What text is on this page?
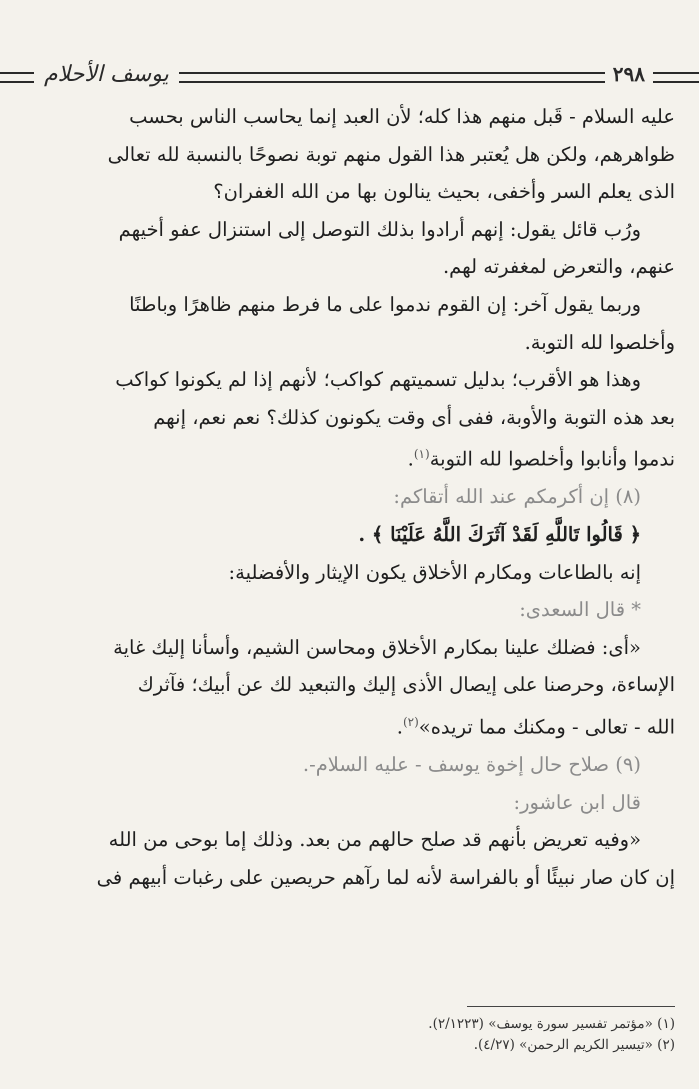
يوسف الأحلام	٢٩٨

عليه السلام - قَبل منهم هذا كله؛ لأن العبد إنما يحاسب الناس بحسب

ظواهرهم، ولكن هل يُعتبر هذا القول منهم توبة نصوحًا بالنسبة لله تعالى

الذى يعلم السر وأخفى، بحيث ينالون بها من الله الغفران؟

ورُب قائل يقول: إنهم أرادوا بذلك التوصل إلى استنزال عفو أخيهم

عنهم، والتعرض لمغفرته لهم.

وربما يقول آخر: إن القوم ندموا على ما فرط منهم ظاهرًا وباطنًا

وأخلصوا لله التوبة.

وهذا هو الأقرب؛ بدليل تسميتهم كواكب؛ لأنهم إذا لم يكونوا كواكب

بعد هذه التوبة والأوبة، ففى أى وقت يكونون كذلك؟ نعم نعم، إنهم

ندموا وأنابوا وأخلصوا لله التوبة$^{(١)}$.

(٨) إن أكرمكم عند الله أتقاكم:

﴿ قَالُوا تَاللَّهِ لَقَدْ آثَرَكَ اللَّهُ عَلَيْنَا ﴾ .

إنه بالطاعات ومكارم الأخلاق يكون الإيثار والأفضلية:

* قال السعدى:

«أى: فضلك علينا بمكارم الأخلاق ومحاسن الشيم، وأسأنا إليك غاية

الإساءة، وحرصنا على إيصال الأذى إليك والتبعيد لك عن أبيك؛ فآثرك

الله - تعالى - ومكنك مما تريده»$^{(٢)}$.

(٩) صلاح حال إخوة يوسف - عليه السلام-.

قال ابن عاشور:

«وفيه تعريض بأنهم قد صلح حالهم من بعد. وذلك إما بوحى من الله

إن كان صار نبيئًا أو بالفراسة لأنه لما رآهم حريصين على رغبات أبيهم فى

(١) «مؤتمر تفسير سورة يوسف» (٢/١٢٢٣).
(٢) «تيسير الكريم الرحمن» (٤/٢٧).
